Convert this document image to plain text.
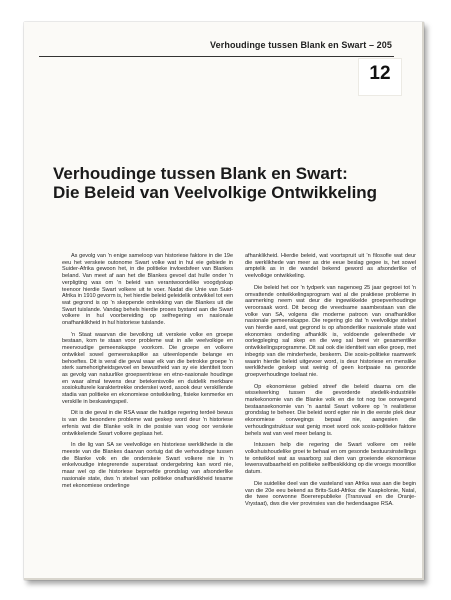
Verhoudinge tussen Blank en Swart – 205
12
Verhoudinge tussen Blank en Swart:
Die Beleid van Veelvolkige Ontwikkeling

As gevolg van 'n enige sameloop van historiese faktore in die 19e eeu het verskeie outonome Swart volke wat in hul eie gebiede in Suider-Afrika gewoon het, in die politieke invloedsfeer van Blankes beland. Van meet af aan het die Blankes gevoel dat hulle onder 'n verpligting was om 'n beleid van verantwoordelike voogdyskap teenoor hierdie Swart volkere uit te voer. Nadat die Unie van Suid-Afrika in 1910 gevorm is, het hierdie beleid geleidelik ontwikkel tot een wat gegrond is op 'n skeppende ontrekking van die Blankes uit die Swart tuislande. Vandag behels hierdie proses bystand aan die Swart volkere in hul voorbereiding op selfregering en nasionale onafhanklikheid in hul historiese tuislande.

'n Staat waarvan die bevolking uit verskeie volke en groepe bestaan, kom te staan voor probleme wat in alle veelvolkige en meervoudige gemeenskappe voorkom. Die groepe en volkere ontwikkel sowel gemeenskaplike as uiteenlopende belange en behoeftes. Dit is veral die geval waar elk van die betrokke groepe 'n sterk samehorigheidsgevoel en bewustheid van sy eie identiteit toon as gevolg van natuurlike groepsentriese en etno-nasionale houdinge en waar almal tewens deur betekenisvolle en duidelik merkbare sosiokulturele karaktertrekke onderskei word, asook deur verskillende stadia van politieke en ekonomiese ontwikkeling, fisieke kenmerke en verskille in beskawingspeil.

Dit is die geval in die RSA waar die huidige regering terdeë bewus is van die besondere probleme wat geskep word deur 'n historiese erfenis wat die Blanke volk in die posisie van voog oor verskeie ontwikkelende Swart volkere geplaas het.

In die lig van SA se veelvolkige en historiese werklikhede is die meeste van die Blankes daarvan oortuig dat die verhoudinge tussen die Blanke volk en die onderskeie Swart volkere nie in 'n enkelvoudige integrerende superstaat ondergebring kan word nie, maar wel op die historiese beproefde grondslag van afsonderlike nasionale state, dws 'n stelsel van politieke onafhanklikheid tesame met ekonomiese onderlinge

afhanklikheid. Hierdie beleid, wat voortspruit uit 'n filosofie wat deur die werklikhede van meer as drie eeue beslag gegee is, het sowel amptelik as in die wandel bekend geword as afsonderlike of veelvolkige ontwikkeling.

Die beleid het oor 'n tydperk van nagenoeg 25 jaar gegroei tot 'n omvattende ontwikkelingsprogram wat al die praktiese probleme in aanmerking neem wat deur die ingewikkelde groepverhoudinge veroorsaak word. Dit beoog die vreedsame saambestaan van die volke van SA, volgens die moderne patroon van onafhanklike nasionale gemeenskappe. Die regering glo dat 'n veelvolkige stelsel van hierdie aard, wat gegrond is op afsonderlike nasionale state wat ekonomies onderling afhanklik is, voldoende geleenthede vir oorlegpleging sal skep en die weg sal berei vir gesamentlike ontwikkelingsprogramme. Dit sal ook die identiteit van elke groep, met inbegrip van die minderhede, beskerm. Die sosio-politieke raamwerk waarin hierdie beleid uitgevoer word, is deur historiese en menslike werklikhede geskep wat weinig of geen kortpaaie na gesonde groepverhoudinge toelaat nie.

Op ekonomiese gebied streef die beleid daarna om die wisselwerking tussen die gevorderde stedelik-industriële markekonomie van die Blanke volk en die tot nog toe oorwegend bestaansekonomie van 'n aantal Swart volkere op 'n realistiese grondslag te beheer. Die beleid word egter nie in die eerste plek deur ekonomiese oorwegings bepaal nie, aangesien die verhoudingstruktuur wat genig moet word ook sosio-politieke faktore behels wat van veel meer belang is.

Intussen help die regering die Swart volkere om reële volkshuishoudelike groei te behaal en om gesonde bestuursinstellings te ontwikkel wat as waarborg sal dien van groeiende ekonomiese lewensvatbaarheid en politieke selfbeskikking op die vroegs moontlike datum.

Die suidelike deel van die vasteland van Afrika was aan die begin van die 20e eeu bekend as Brits-Suid-Afrika: die Kaapkolonie, Natal, die twee oorwonne Boererepublieke (Transvaal en die Oranje-Vrystaat), dws die vier provinsies van die hedendaagse RSA.
